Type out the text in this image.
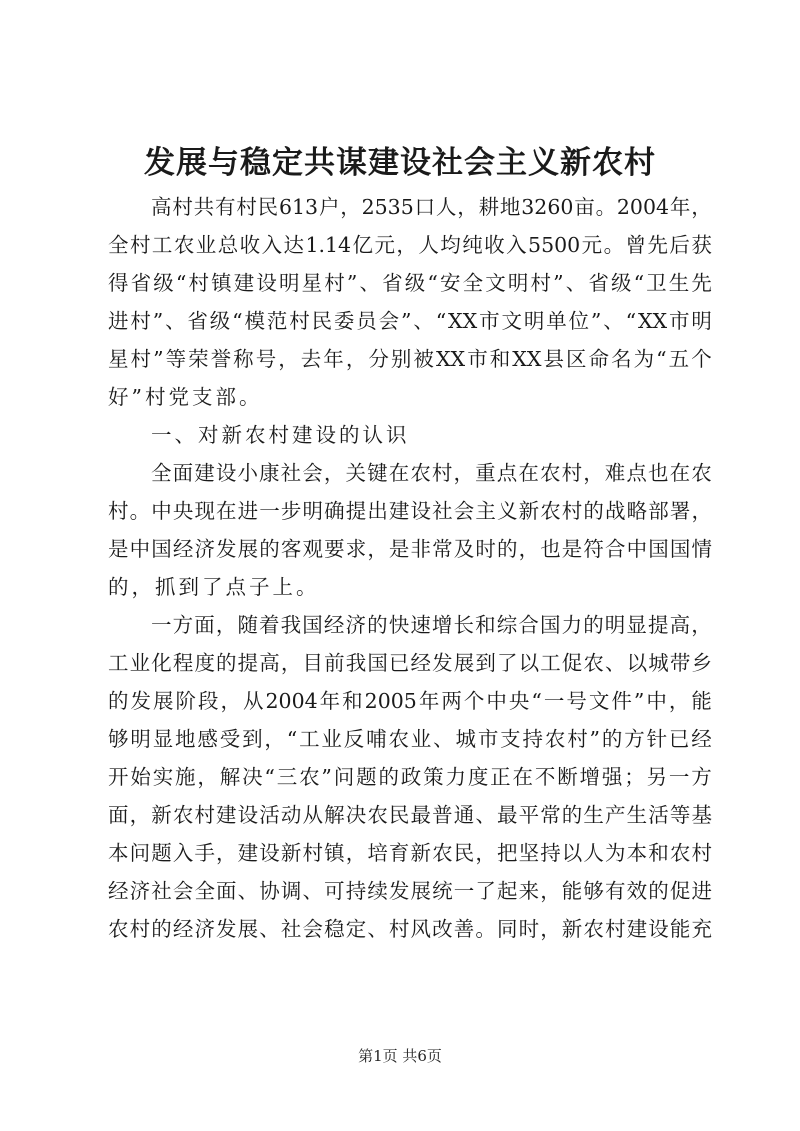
发展与稳定共谋建设社会主义新农村
高 村 共 有 村 民 613 户 ， 2535 口 人 ， 耕 地 3260 亩 。 2004 年 ，
全 村 工 农 业 总 收 入 达 1.14 亿 元 ， 人 均 纯 收 入 5500 元 。 曾 先 后 获
得 省 级 “ 村 镇 建 设 明 星 村 ” 、 省 级 “ 安 全 文 明 村 ” 、 省 级 “ 卫 生 先
进 村 ” 、 省 级 “ 模 范 村 民 委 员 会 ” 、 “ XX 市 文 明 单 位 ” 、 “ XX 市 明
星 村 ” 等 荣 誉 称 号 ， 去 年 ， 分 别 被 XX 市 和 XX 县 区 命 名 为 “ 五 个
好”村党支部。
一、对新农村建设的认识
全 面 建 设 小 康 社 会 ， 关 键 在 农 村 ， 重 点 在 农 村 ， 难 点 也 在 农
村 。 中 央 现 在 进 一 步 明 确 提 出 建 设 社 会 主 义 新 农 村 的 战 略 部 署 ，
是 中 国 经 济 发 展 的 客 观 要 求 ， 是 非 常 及 时 的 ， 也 是 符 合 中 国 国 情
的，抓到了点子上。
一 方 面 ， 随 着 我 国 经 济 的 快 速 增 长 和 综 合 国 力 的 明 显 提 高 ，
工 业 化 程 度 的 提 高 ， 目 前 我 国 已 经 发 展 到 了 以 工 促 农 、 以 城 带 乡
的 发 展 阶 段 ， 从 2004 年 和 2005 年 两 个 中 央 “ 一 号 文 件 ” 中 ， 能
够 明 显 地 感 受 到 ， “ 工 业 反 哺 农 业 、 城 市 支 持 农 村 ” 的 方 针 已 经
开 始 实 施 ， 解 决 “ 三 农 ” 问 题 的 政 策 力 度 正 在 不 断 增 强 ； 另 一 方
面 ， 新 农 村 建 设 活 动 从 解 决 农 民 最 普 通 、 最 平 常 的 生 产 生 活 等 基
本 问 题 入 手 ， 建 设 新 村 镇 ， 培 育 新 农 民 ， 把 坚 持 以 人 为 本 和 农 村
经 济 社 会 全 面 、 协 调 、 可 持 续 发 展 统 一 了 起 来 ， 能 够 有 效 的 促 进
农 村 的 经 济 发 展 、 社 会 稳 定 、 村 风 改 善 。 同 时 ， 新 农 村 建 设 能 充
第1页 共6页
